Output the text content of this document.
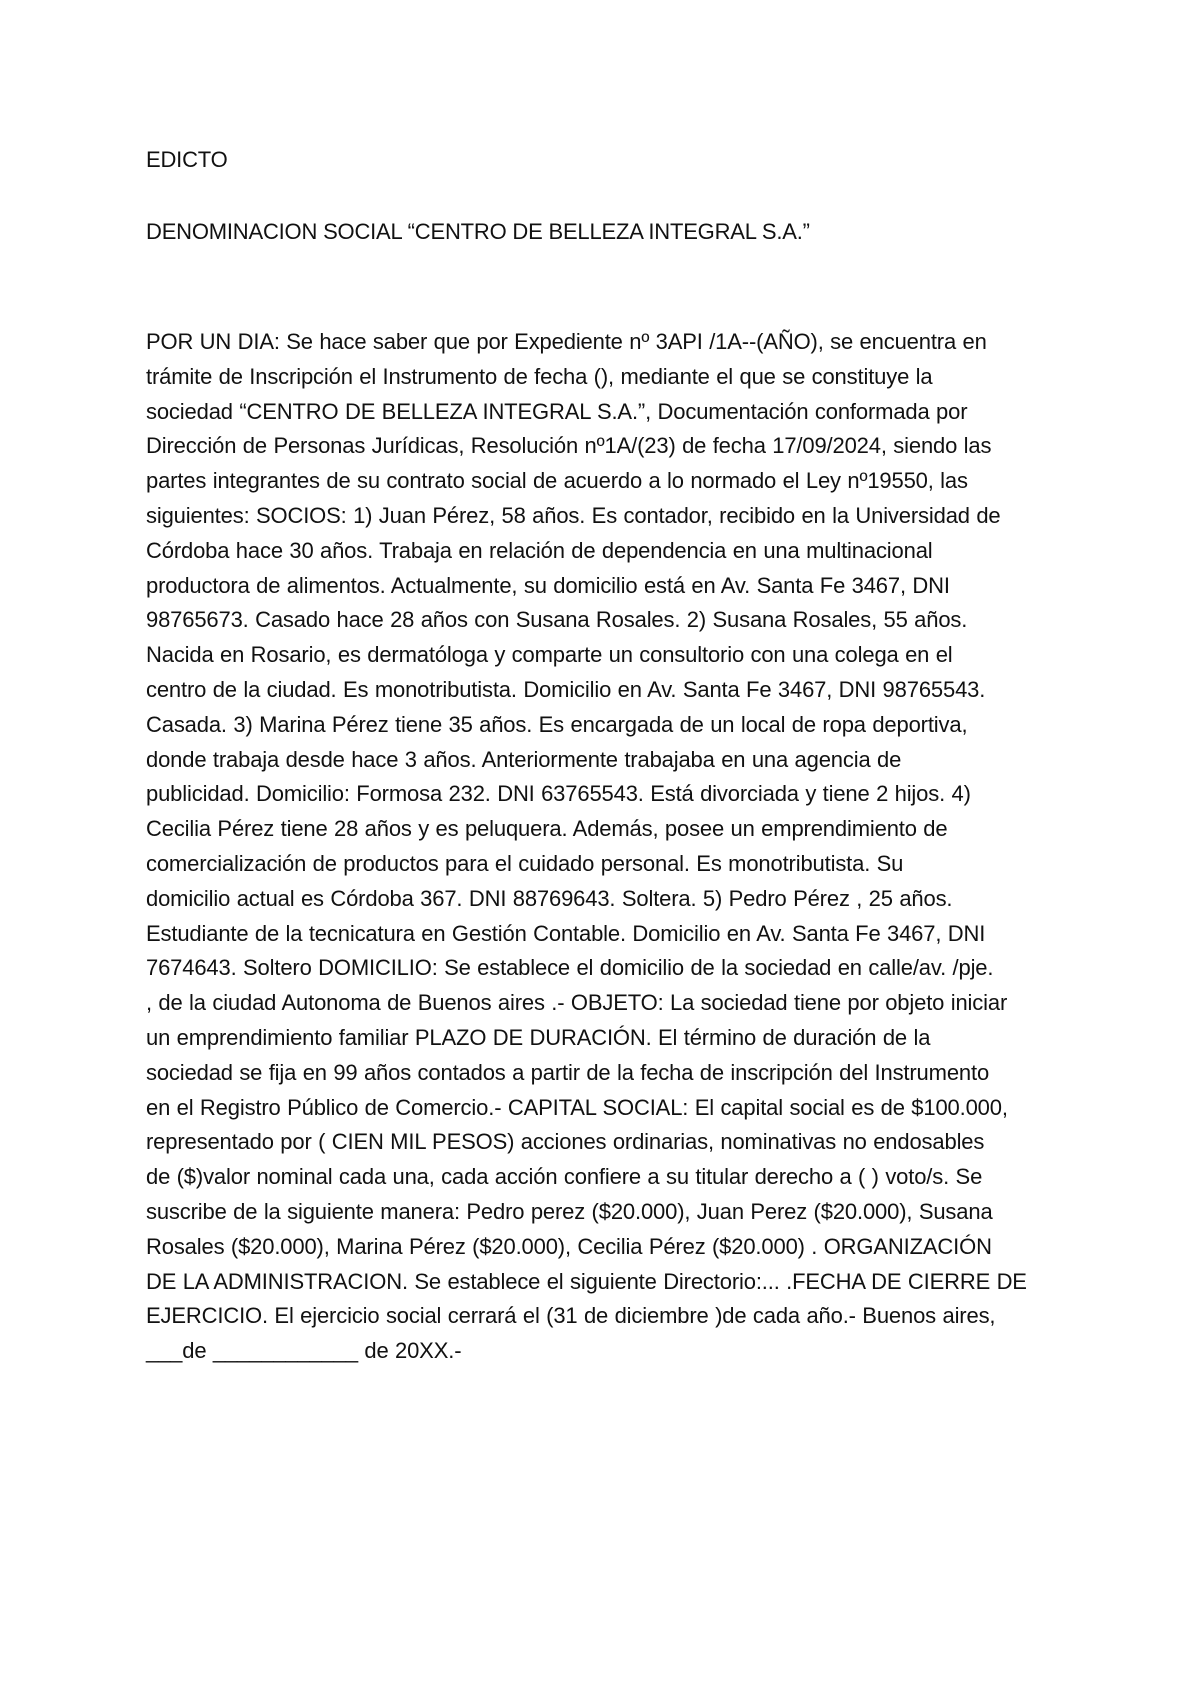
EDICTO

DENOMINACION SOCIAL “CENTRO DE BELLEZA INTEGRAL S.A.”

POR UN DIA: Se hace saber que por Expediente nº 3API /1A--(AÑO), se encuentra en

trámite de Inscripción el Instrumento de fecha (), mediante el que se constituye la

sociedad “CENTRO DE BELLEZA INTEGRAL S.A.”, Documentación conformada por

Dirección de Personas Jurídicas, Resolución nº1A/(23) de fecha 17/09/2024, siendo las

partes integrantes de su contrato social de acuerdo a lo normado el Ley nº19550, las

siguientes: SOCIOS: 1) Juan Pérez, 58 años. Es contador, recibido en la Universidad de

Córdoba hace 30 años. Trabaja en relación de dependencia en una multinacional

productora de alimentos. Actualmente, su domicilio está en Av. Santa Fe 3467, DNI

98765673. Casado hace 28 años con Susana Rosales. 2) Susana Rosales, 55 años.

Nacida en Rosario, es dermatóloga y comparte un consultorio con una colega en el

centro de la ciudad. Es monotributista. Domicilio en Av. Santa Fe 3467, DNI 98765543.

Casada. 3) Marina Pérez tiene 35 años. Es encargada de un local de ropa deportiva,

donde trabaja desde hace 3 años. Anteriormente trabajaba en una agencia de

publicidad. Domicilio: Formosa 232. DNI 63765543. Está divorciada y tiene 2 hijos. 4)

Cecilia Pérez tiene 28 años y es peluquera. Además, posee un emprendimiento de

comercialización de productos para el cuidado personal. Es monotributista. Su

domicilio actual es Córdoba 367. DNI 88769643. Soltera. 5) Pedro Pérez , 25 años.

Estudiante de la tecnicatura en Gestión Contable. Domicilio en Av. Santa Fe 3467, DNI

7674643. Soltero DOMICILIO: Se establece el domicilio de la sociedad en calle/av. /pje.

, de la ciudad Autonoma de Buenos aires .- OBJETO: La sociedad tiene por objeto iniciar

un emprendimiento familiar PLAZO DE DURACIÓN. El término de duración de la

sociedad se fija en 99 años contados a partir de la fecha de inscripción del Instrumento

en el Registro Público de Comercio.- CAPITAL SOCIAL: El capital social es de $100.000,

representado por ( CIEN MIL PESOS) acciones ordinarias, nominativas no endosables

de ($)valor nominal cada una, cada acción confiere a su titular derecho a ( ) voto/s. Se

suscribe de la siguiente manera: Pedro perez ($20.000), Juan Perez ($20.000), Susana

Rosales ($20.000), Marina Pérez ($20.000), Cecilia Pérez ($20.000) . ORGANIZACIÓN

DE LA ADMINISTRACION. Se establece el siguiente Directorio:... .FECHA DE CIERRE DE

EJERCICIO. El ejercicio social cerrará el (31 de diciembre )de cada año.- Buenos aires,

___de ____________ de 20XX.-
